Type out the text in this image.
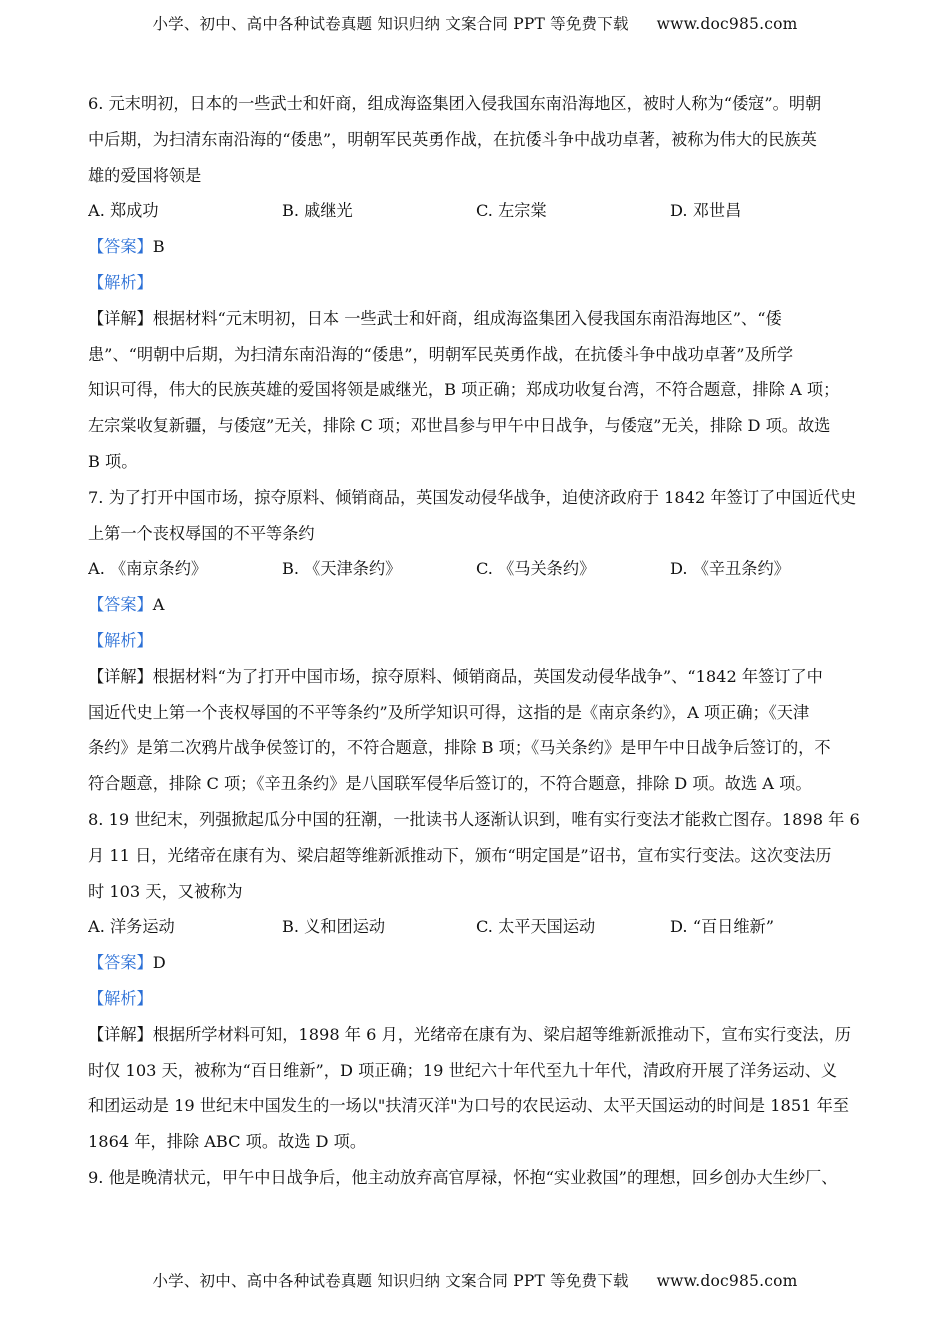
小学、初中、高中各种试卷真题 知识归纳 文案合同 PPT 等免费下载 www.doc985.com
6. 元末明初，日本的一些武士和奸商，组成海盗集团入侵我国东南沿海地区，被时人称为“倭寇”。明朝
中后期，为扫清东南沿海的“倭患”，明朝军民英勇作战，在抗倭斗争中战功卓著，被称为伟大的民族英
雄的爱国将领是
A. 郑成功	B. 戚继光	C. 左宗棠	D. 邓世昌
【答案】B
【解析】
【详解】根据材料“元末明初，日本 一些武士和奸商，组成海盗集团入侵我国东南沿海地区”、“倭
患”、“明朝中后期，为扫清东南沿海的“倭患”，明朝军民英勇作战，在抗倭斗争中战功卓著”及所学
知识可得，伟大的民族英雄的爱国将领是戚继光，B 项正确；郑成功收复台湾，不符合题意，排除 A 项；
左宗棠收复新疆，与倭寇”无关，排除 C 项；邓世昌参与甲午中日战争，与倭寇”无关，排除 D 项。故选
B 项。
7. 为了打开中国市场，掠夺原料、倾销商品，英国发动侵华战争，迫使济政府于 1842 年签订了中国近代史
上第一个丧权辱国的不平等条约
A. 《南京条约》	B. 《天津条约》	C. 《马关条约》	D. 《辛丑条约》
【答案】A
【解析】
【详解】根据材料“为了打开中国市场，掠夺原料、倾销商品，英国发动侵华战争”、“1842 年签订了中
国近代史上第一个丧权辱国的不平等条约”及所学知识可得，这指的是《南京条约》，A 项正确；《天津
条约》是第二次鸦片战争侯签订的，不符合题意，排除 B 项；《马关条约》是甲午中日战争后签订的，不
符合题意，排除 C 项；《辛丑条约》是八国联军侵华后签订的，不符合题意，排除 D 项。故选 A 项。
8. 19 世纪末，列强掀起瓜分中国的狂潮，一批读书人逐渐认识到，唯有实行变法才能救亡图存。1898 年 6
月 11 日，光绪帝在康有为、梁启超等维新派推动下，颁布“明定国是”诏书，宣布实行变法。这次变法历
时 103 天，又被称为
A. 洋务运动	B. 义和团运动	C. 太平天国运动	D. “百日维新”
【答案】D
【解析】
【详解】根据所学材料可知，1898 年 6 月，光绪帝在康有为、梁启超等维新派推动下，宣布实行变法，历
时仅 103 天，被称为“百日维新”，D 项正确；19 世纪六十年代至九十年代，清政府开展了洋务运动、义
和团运动是 19 世纪末中国发生的一场以"扶清灭洋"为口号的农民运动、太平天国运动的时间是 1851 年至
1864 年，排除 ABC 项。故选 D 项。
9. 他是晚清状元，甲午中日战争后，他主动放弃高官厚禄，怀抱“实业救国”的理想，回乡创办大生纱厂、
小学、初中、高中各种试卷真题 知识归纳 文案合同 PPT 等免费下载 www.doc985.com
